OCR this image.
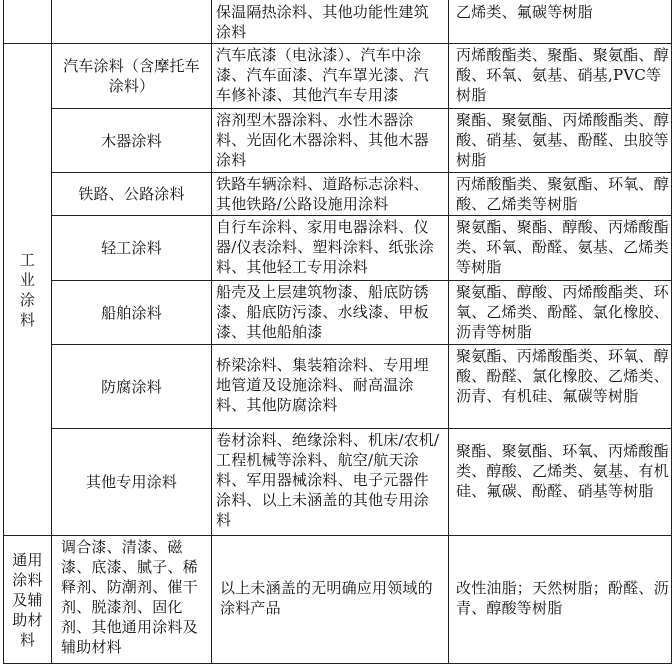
工业涂料
通用涂料及辅助材料
保温隔热涂料、其他功能性建筑涂料
乙烯类、氟碳等树脂
汽车涂料（含摩托车涂料）
汽车底漆（电泳漆）、汽车中涂漆、汽车面漆、汽车罩光漆、汽车修补漆、其他汽车专用漆
丙烯酸酯类、聚酯、聚氨酯、醇酸、环氧、氨基、硝基,PVC等树脂
木器涂料
溶剂型木器涂料、水性木器涂料、光固化木器涂料、其他木器涂料
聚酯、聚氨酯、丙烯酸酯类、醇酸、硝基、氨基、酚醛、虫胶等树脂
铁路、公路涂料
铁路车辆涂料、道路标志涂料、其他铁路/公路设施用涂料
丙烯酸酯类、聚氨酯、环氧、醇酸、乙烯类等树脂
轻工涂料
自行车涂料、家用电器涂料、仪器/仪表涂料、塑料涂料、纸张涂料、其他轻工专用涂料
聚氨酯、聚酯、醇酸、丙烯酸酯类、环氧、酚醛、氨基、乙烯类等树脂
船舶涂料
船壳及上层建筑物漆、船底防锈漆、船底防污漆、水线漆、甲板漆、其他船舶漆
聚氨酯、醇酸、丙烯酸酯类、环氧、乙烯类、酚醛、氯化橡胶、沥青等树脂
防腐涂料
桥梁涂料、集装箱涂料、专用埋地管道及设施涂料、耐高温涂料、其他防腐涂料
聚氨酯、丙烯酸酯类、环氧、醇酸、酚醛、氯化橡胶、乙烯类、沥青、有机硅、氟碳等树脂
其他专用涂料
卷材涂料、绝缘涂料、机床/农机/工程机械等涂料、航空/航天涂料、军用器械涂料、电子元器件涂料、以上未涵盖的其他专用涂料
聚酯、聚氨酯、环氧、丙烯酸酯类、醇酸、乙烯类、氨基、有机硅、氟碳、酚醛、硝基等树脂
调合漆、清漆、磁漆、底漆、腻子、稀释剂、防潮剂、催干剂、脱漆剂、固化剂、其他通用涂料及辅助材料
以上未涵盖的无明确应用领域的涂料产品
改性油脂；天然树脂；酚醛、沥青、醇酸等树脂
